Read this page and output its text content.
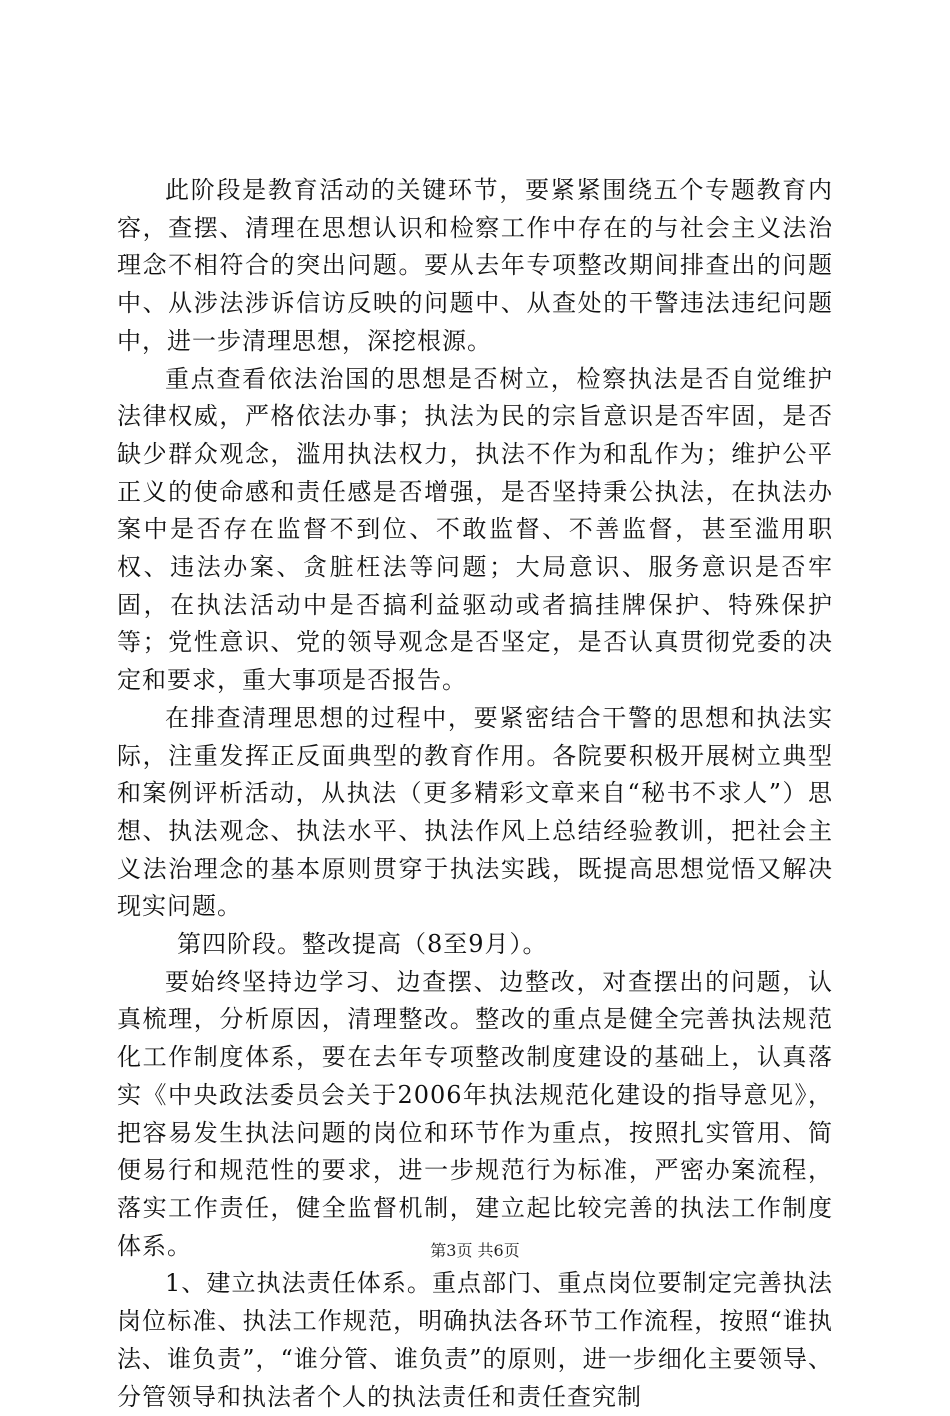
此阶段是教育活动的关键环节，要紧紧围绕五个专题教育内容，查摆、清理在思想认识和检察工作中存在的与社会主义法治理念不相符合的突出问题。要从去年专项整改期间排查出的问题中、从涉法涉诉信访反映的问题中、从查处的干警违法违纪问题中，进一步清理思想，深挖根源。

重点查看依法治国的思想是否树立，检察执法是否自觉维护法律权威，严格依法办事；执法为民的宗旨意识是否牢固，是否缺少群众观念，滥用执法权力，执法不作为和乱作为；维护公平正义的使命感和责任感是否增强，是否坚持秉公执法，在执法办案中是否存在监督不到位、不敢监督、不善监督，甚至滥用职权、违法办案、贪脏枉法等问题；大局意识、服务意识是否牢固，在执法活动中是否搞利益驱动或者搞挂牌保护、特殊保护等；党性意识、党的领导观念是否坚定，是否认真贯彻党委的决定和要求，重大事项是否报告。

在排查清理思想的过程中，要紧密结合干警的思想和执法实际，注重发挥正反面典型的教育作用。各院要积极开展树立典型和案例评析活动，从执法（更多精彩文章来自“秘书不求人”）思想、执法观念、执法水平、执法作风上总结经验教训，把社会主义法治理念的基本原则贯穿于执法实践，既提高思想觉悟又解决现实问题。

第四阶段。整改提高（8至9月）。

要始终坚持边学习、边查摆、边整改，对查摆出的问题，认真梳理，分析原因，清理整改。整改的重点是健全完善执法规范化工作制度体系，要在去年专项整改制度建设的基础上，认真落实《中央政法委员会关于2006年执法规范化建设的指导意见》，把容易发生执法问题的岗位和环节作为重点，按照扎实管用、简便易行和规范性的要求，进一步规范行为标准，严密办案流程，落实工作责任，健全监督机制，建立起比较完善的执法工作制度体系。

1、建立执法责任体系。重点部门、重点岗位要制定完善执法岗位标准、执法工作规范，明确执法各环节工作流程，按照“谁执法、谁负责”，“谁分管、谁负责”的原则，进一步细化主要领导、分管领导和执法者个人的执法责任和责任查究制

第3页 共6页
